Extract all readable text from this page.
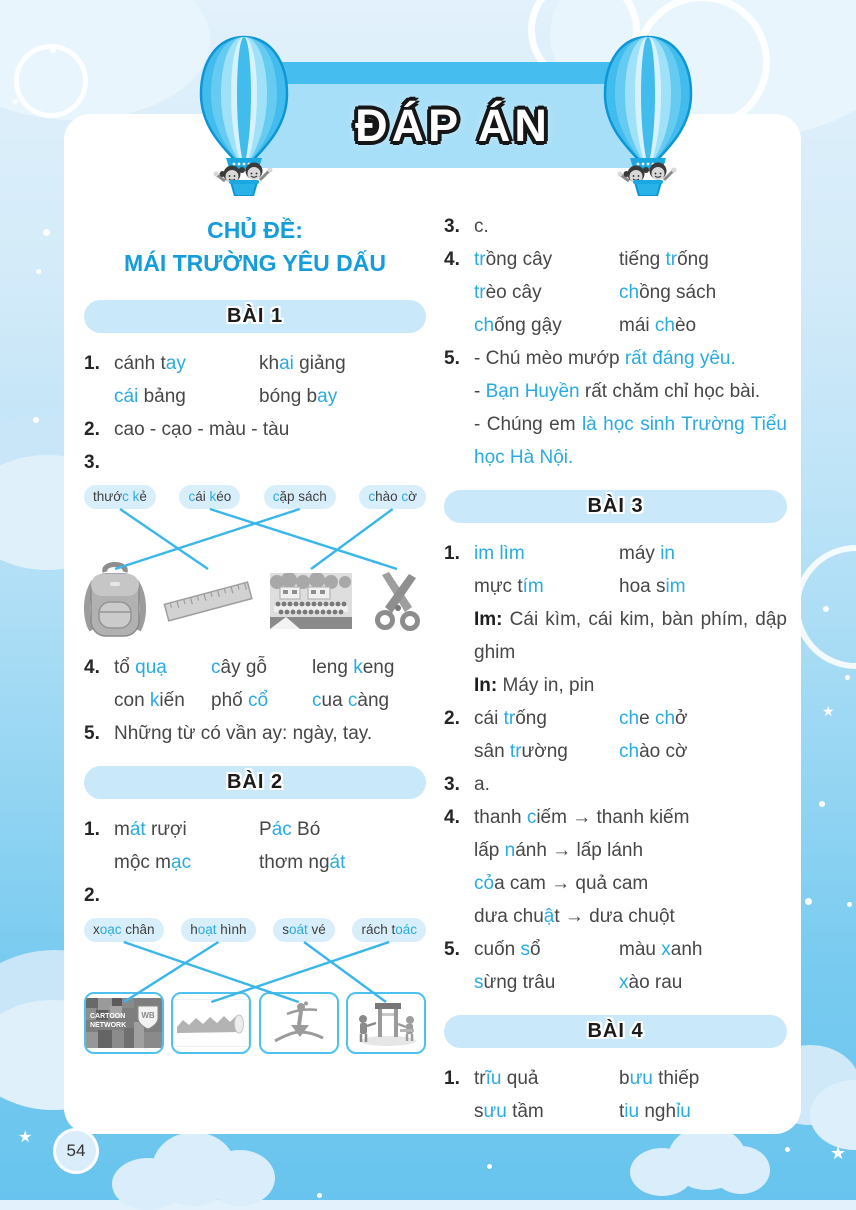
★
★
★
CHỦ ĐỀ:
MÁI TRƯỜNG YÊU DẤU
BÀI 1
1. cánh tay	khai giảng
cái bảng	bóng bay
2. cao - cạo - màu - tàu
3.
thước kẻ	cái kéo	cặp sách	chào cờ
4. tổ quạ	cây gỗ	leng keng
con kiến	phố cổ	cua càng
5. Những từ có vần ay: ngày, tay.
BÀI 2
1. mát rượi	Pác Bó
mộc mạc	thơm ngát
2.
xoạc chân	hoạt hình	soát vé	rách toác
CARTOON
NETWORK
WB
3. c.
4. trồng cây	tiếng trống
trèo cây	chồng sách
chống gậy	mái chèo
5. - Chú mèo mướp rất đáng yêu.
- Bạn Huyền rất chăm chỉ học bài.
- Chúng em là học sinh Trường Tiểu học Hà Nội.
BÀI 3
1. im lìm	máy in
mực tím	hoa sim
Im: Cái kìm, cái kim, bàn phím, dập ghim
In: Máy in, pin
2. cái trống	che chở
sân trường	chào cờ
3. a.
4. thanh ciếm → thanh kiếm
lấp nánh → lấp lánh
cỏa cam → quả cam
dưa chuật → dưa chuột
5. cuốn sổ	màu xanh
sừng trâu	xào rau
BÀI 4
1. trĩu quả	bưu thiếp
sưu tầm	tiu nghỉu
ĐÁP ÁN
54
